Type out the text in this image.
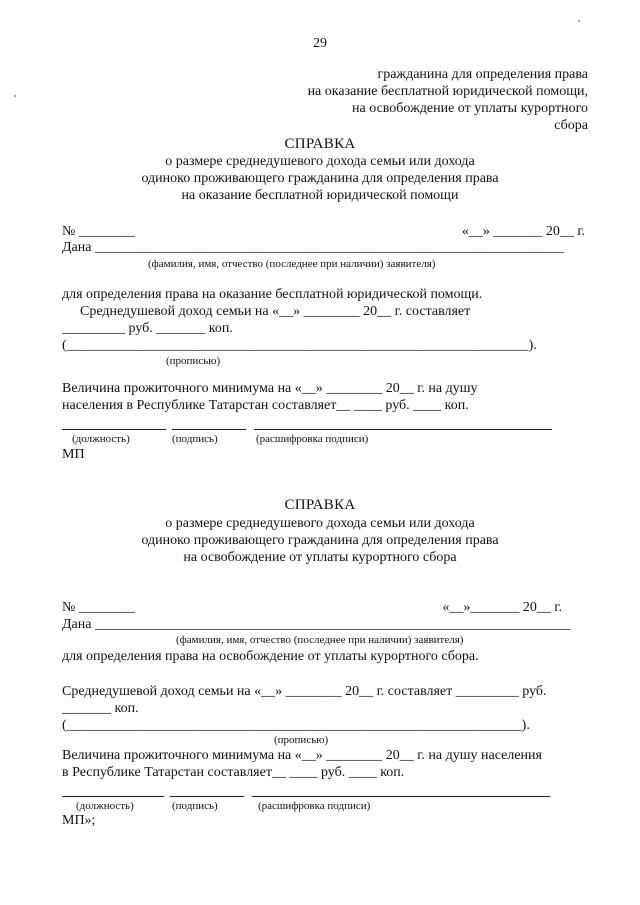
29
гражданина для определения права
на оказание бесплатной юридической помощи,
на освобождение от уплаты курортного
сбора
СПРАВКА
о размере среднедушевого дохода семьи или дохода
одиноко проживающего гражданина для определения права
на оказание бесплатной юридической помощи
№ ________	«__» _______ 20__ г.
Дана ___________________________________________________________________
(фамилия, имя, отчество (последнее при наличии) заявителя)
для определения права на оказание бесплатной юридической помощи.
Среднедушевой доход семьи на «__» ________ 20__ г. составляет
_________ руб. _______ коп.
(__________________________________________________________________).
(прописью)
Величина прожиточного минимума на «__» ________ 20__ г. на душу
населения в Республике Татарстан составляет__ ____ руб. ____ коп.
(должность)	(подпись)	(расшифровка подписи)
МП
СПРАВКА
о размере среднедушевого дохода семьи или дохода
одиноко проживающего гражданина для определения права
на освобождение от уплаты курортного сбора
№ ________	«__»_______ 20__ г.
Дана ____________________________________________________________________
(фамилия, имя, отчество (последнее при наличии) заявителя)
для определения права на освобождение от уплаты курортного сбора.
Среднедушевой доход семьи на «__» ________ 20__ г. составляет _________ руб.
_______ коп.
(_________________________________________________________________).
(прописью)
Величина прожиточного минимума на «__» ________ 20__ г. на душу населения
в Республике Татарстан составляет__ ____ руб. ____ коп.
(должность)	(подпись)	(расшифровка подписи)
МП»;
